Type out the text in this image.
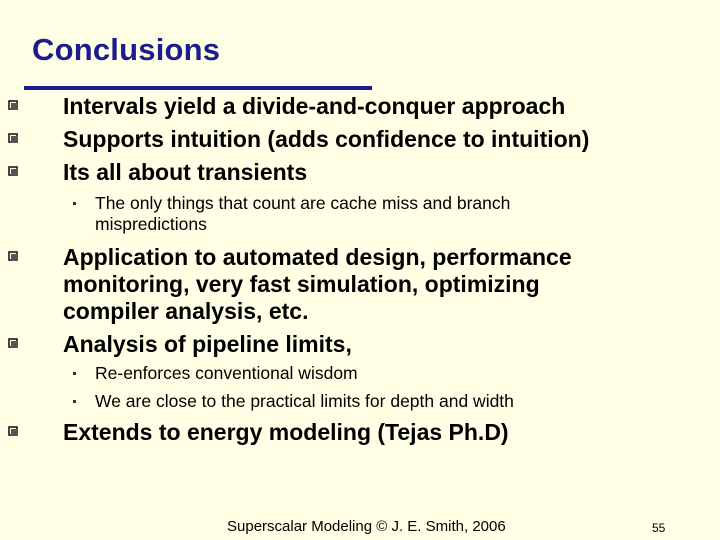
Conclusions
Intervals yield a divide-and-conquer approach
Supports intuition (adds confidence to intuition)
Its all about transients
The only things that count are cache miss and branch
mispredictions
Application to automated design, performance
monitoring, very fast simulation, optimizing
compiler analysis, etc.
Analysis of pipeline limits,
Re-enforces conventional wisdom
We are close to the practical limits for depth and width
Extends to energy modeling (Tejas Ph.D)
Superscalar Modeling © J. E. Smith, 2006	55
